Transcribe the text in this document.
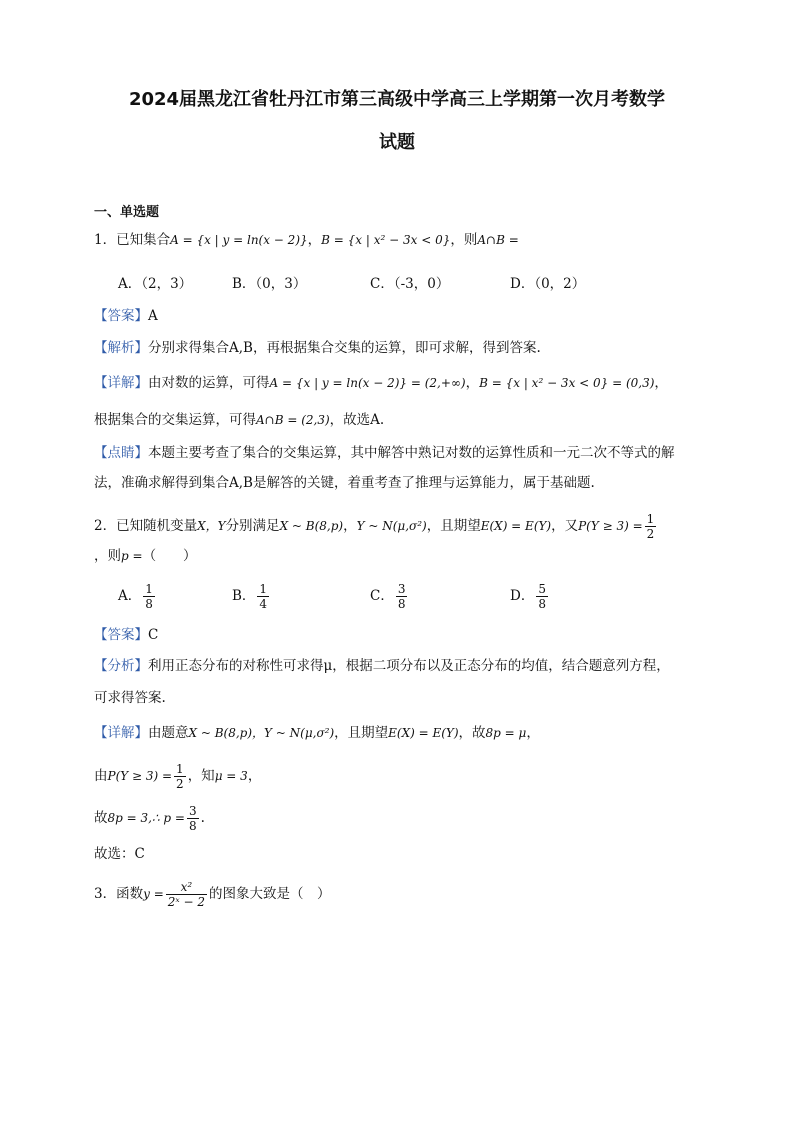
2024届黑龙江省牡丹江市第三高级中学高三上学期第一次月考数学
试题
一、单选题
1．已知集合A = {x | y = ln(x − 2)}，B = {x | x² − 3x < 0}，则A∩B =
A．（2，3）	B．（0，3）	C．（-3，0）	D．（0，2）
【答案】A
【解析】分别求得集合A,B，再根据集合交集的运算，即可求解，得到答案.
【详解】由对数的运算，可得A = {x | y = ln(x − 2)} = (2,+∞)，B = {x | x² − 3x < 0} = (0,3)，
根据集合的交集运算，可得A∩B = (2,3)，故选A.
【点睛】本题主要考查了集合的交集运算，其中解答中熟记对数的运算性质和一元二次不等式的解
法，准确求解得到集合A,B是解答的关键，着重考查了推理与运算能力，属于基础题.
2．已知随机变量X，Y分别满足X ~ B(8,p)，Y ~ N(μ,σ²)，且期望E(X) = E(Y)，又$P(Y \ge 3) = \frac{1}{2}$
，则p =（　　）
A． $\frac{1}{8}$	B． $\frac{1}{4}$	C． $\frac{3}{8}$	D． $\frac{5}{8}$
【答案】C
【分析】利用正态分布的对称性可求得μ，根据二项分布以及正态分布的均值，结合题意列方程，
可求得答案.
【详解】由题意X ~ B(8,p)，Y ~ N(μ,σ²)，且期望E(X) = E(Y)，故8p = μ，
由$P(Y \ge 3) = \frac{1}{2}$ ，知μ = 3，
故8p = 3,∴ $p = \frac{3}{8}$ .
故选：C
3．函数$y = \frac{\text{x²}}{\text{2ˣ − 2}}$ 的图象大致是（　）
